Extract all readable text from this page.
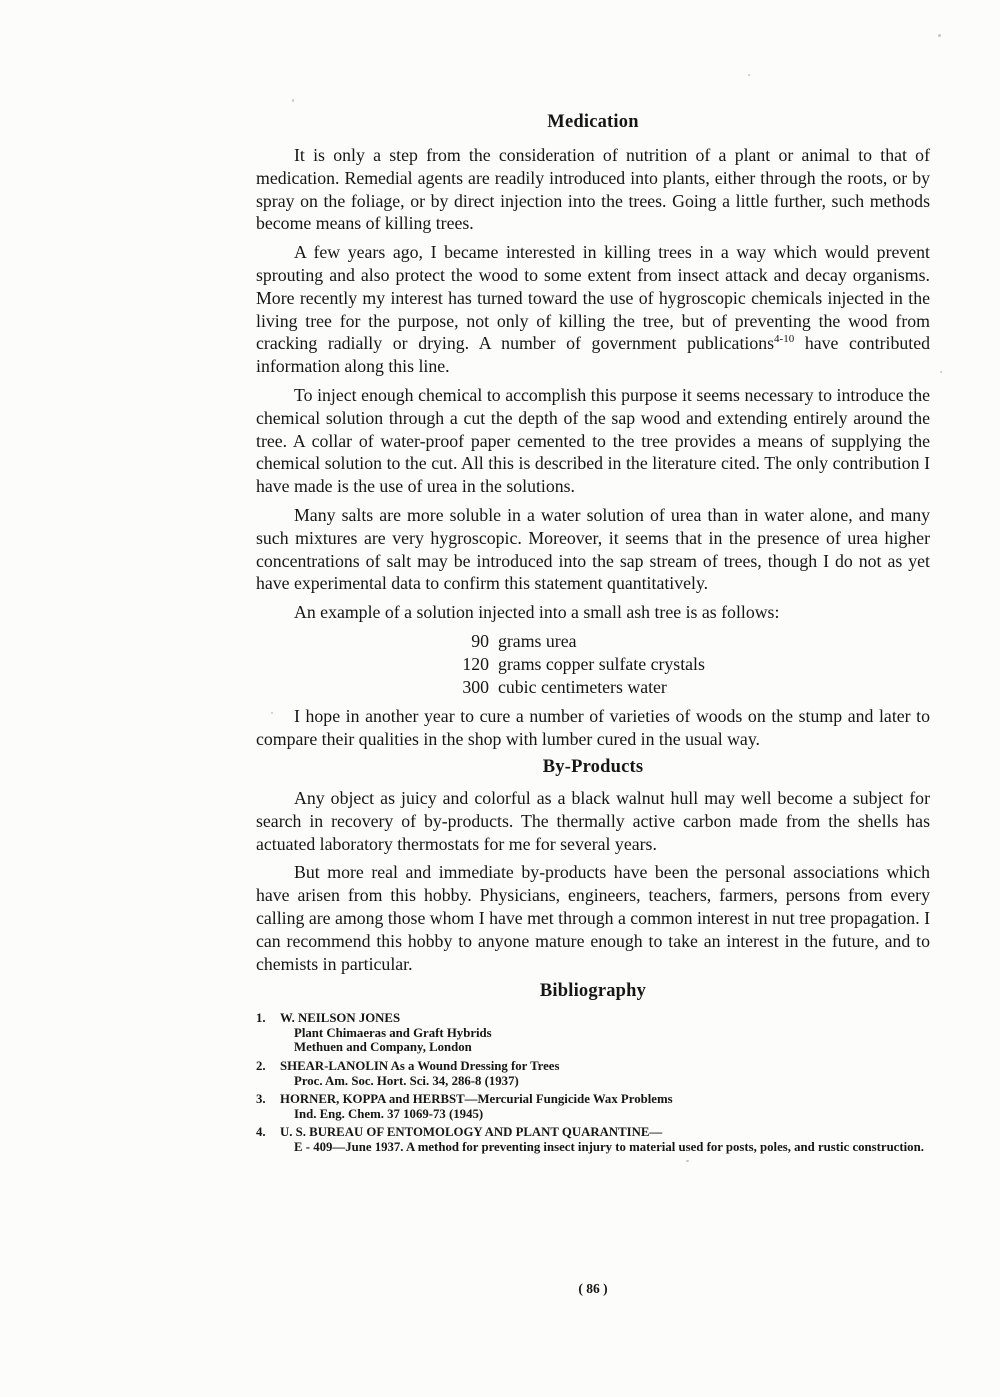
Medication

It is only a step from the consideration of nutrition of a plant or animal to that of medication. Remedial agents are readily introduced into plants, either through the roots, or by spray on the foliage, or by direct injection into the trees. Going a little further, such methods become means of killing trees.

A few years ago, I became interested in killing trees in a way which would prevent sprouting and also protect the wood to some extent from insect attack and decay organisms. More recently my interest has turned toward the use of hygroscopic chemicals injected in the living tree for the purpose, not only of killing the tree, but of preventing the wood from cracking radially or drying. A number of government publications$^{4-10}$ have contributed information along this line.

To inject enough chemical to accomplish this purpose it seems necessary to introduce the chemical solution through a cut the depth of the sap wood and extending entirely around the tree. A collar of water-proof paper cemented to the tree provides a means of supplying the chemical solution to the cut. All this is described in the literature cited. The only contribution I have made is the use of urea in the solutions.

Many salts are more soluble in a water solution of urea than in water alone, and many such mixtures are very hygroscopic. Moreover, it seems that in the presence of urea higher concentrations of salt may be introduced into the sap stream of trees, though I do not as yet have experimental data to confirm this statement quantitatively.

An example of a solution injected into a small ash tree is as follows:

90 grams urea
120 grams copper sulfate crystals
300 cubic centimeters water

I hope in another year to cure a number of varieties of woods on the stump and later to compare their qualities in the shop with lumber cured in the usual way.

By-Products

Any object as juicy and colorful as a black walnut hull may well become a subject for search in recovery of by-products. The thermally active carbon made from the shells has actuated laboratory thermostats for me for several years.

But more real and immediate by-products have been the personal associations which have arisen from this hobby. Physicians, engineers, teachers, farmers, persons from every calling are among those whom I have met through a common interest in nut tree propagation. I can recommend this hobby to anyone mature enough to take an interest in the future, and to chemists in particular.

Bibliography
1.	W. NEILSON JONES
Plant Chimaeras and Graft Hybrids
Methuen and Company, London
2.	SHEAR-LANOLIN As a Wound Dressing for Trees
Proc. Am. Soc. Hort. Sci. 34, 286-8 (1937)
3.	HORNER, KOPPA and HERBST—Mercurial Fungicide Wax Problems
Ind. Eng. Chem. 37 1069-73 (1945)
4.	U. S. BUREAU OF ENTOMOLOGY AND PLANT QUARANTINE—
E - 409—June 1937. A method for preventing insect injury to material used for posts, poles, and rustic construction.
( 86 )
